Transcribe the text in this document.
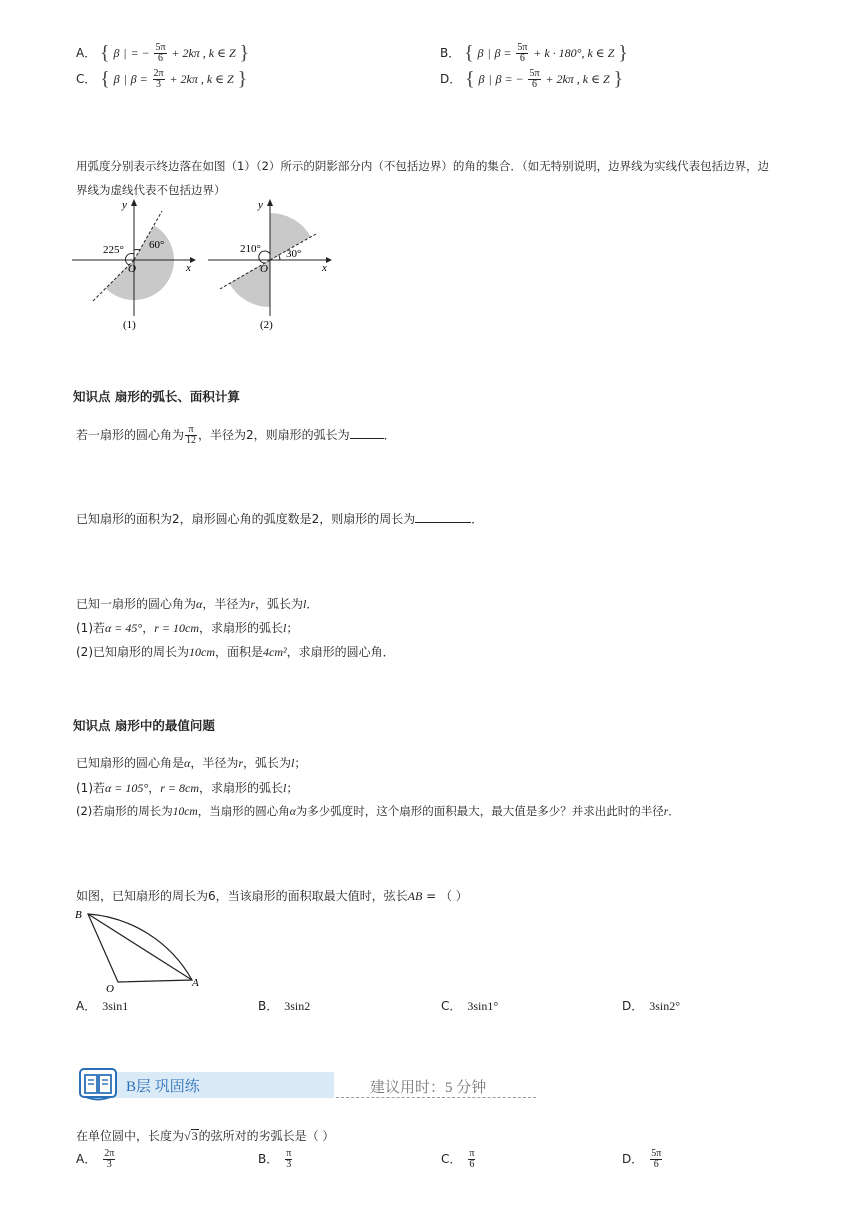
A． { β | = − $\frac{5\pi}{6} + 2k\pi$ , k ∈ Z }	B． { β | $\beta = \frac{5\pi}{6} + k \cdot 180^\circ$, k ∈ Z }
C． { β | $\beta = \frac{2\pi}{3} + 2k\pi$ , k ∈ Z }	D． { β | β = − $\frac{5\pi}{6} + 2k\pi$ , k ∈ Z }
用弧度分别表示终边落在如图（1）（2）所示的阴影部分内（不包括边界）的角的集合．（如无特别说明，边界线为实线代表包括边界，边
界线为虚线代表不包括边界）
O	x
y
225° 60°
(1)
O	x
y
210° 30°
(2)
知识点 扇形的弧长、面积计算
若一扇形的圆心角为 $\frac{\pi}{12}$ ，半径为2，则扇形的弧长为	．
已知扇形的面积为2，扇形圆心角的弧度数是2，则扇形的周长为	．
已知一扇形的圆心角为α，半径为r，弧长为l．
(1)若α = 45°，r = 10cm，求扇形的弧长l；
(2)已知扇形的周长为10cm，面积是4cm²，求扇形的圆心角．
知识点 扇形中的最值问题
已知扇形的圆心角是α，半径为r，弧长为l；
(1)若α = 105°，r = 8cm，求扇形的弧长l；
(2)若扇形的周长为10cm，当扇形的圆心角α为多少弧度时，这个扇形的面积最大，最大值是多少？并求出此时的半径r．
如图，已知扇形的周长为6，当该扇形的面积取最大值时，弦长AB = （ ）
B
O	A
A． 3sin1	B． 3sin2	C． 3sin1°	D． 3sin2°
B层 巩固练	建议用时：5 分钟
在单位圆中，长度为√3的弦所对的劣弧长是（ ）
A． $\frac{2\pi}{3}$	B． $\frac{\pi}{3}$	C． $\frac{\pi}{6}$	D． $\frac{5\pi}{6}$
